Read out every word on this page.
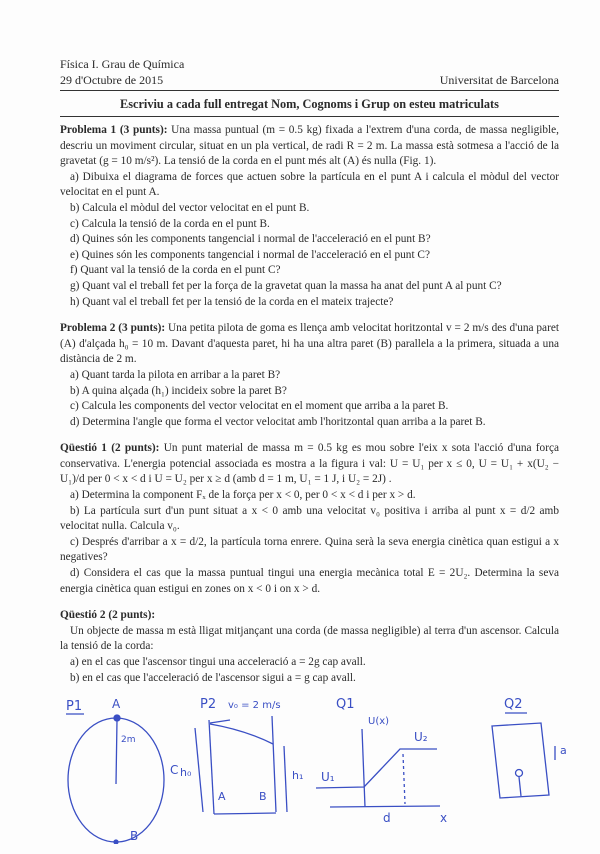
Física I. Grau de Química
29 d'Octubre de 2015	Universitat de Barcelona
Escriviu a cada full entregat Nom, Cognoms i Grup on esteu matriculats

Problema 1 (3 punts): Una massa puntual (m = 0.5 kg) fixada a l'extrem d'una corda, de massa negligible, descriu un moviment circular, situat en un pla vertical, de radi R = 2 m. La massa està sotmesa a l'acció de la gravetat (g = 10 m/s²). La tensió de la corda en el punt més alt (A) és nulla (Fig. 1).

a) Dibuixa el diagrama de forces que actuen sobre la partícula en el punt A i calcula el mòdul del vector velocitat en el punt A.

b) Calcula el mòdul del vector velocitat en el punt B.

c) Calcula la tensió de la corda en el punt B.

d) Quines són les components tangencial i normal de l'acceleració en el punt B?

e) Quines són les components tangencial i normal de l'acceleració en el punt C?

f) Quant val la tensió de la corda en el punt C?

g) Quant val el treball fet per la força de la gravetat quan la massa ha anat del punt A al punt C?

h) Quant val el treball fet per la tensió de la corda en el mateix trajecte?

Problema 2 (3 punts): Una petita pilota de goma es llença amb velocitat horitzontal v = 2 m/s des d'una paret (A) d'alçada h₀ = 10 m. Davant d'aquesta paret, hi ha una altra paret (B) parallela a la primera, situada a una distància de 2 m.

a) Quant tarda la pilota en arribar a la paret B?

b) A quina alçada (h₁) incideix sobre la paret B?

c) Calcula les components del vector velocitat en el moment que arriba a la paret B.

d) Determina l'angle que forma el vector velocitat amb l'horitzontal quan arriba a la paret B.

Qüestió 1 (2 punts): Un punt material de massa m = 0.5 kg es mou sobre l'eix x sota l'acció d'una força conservativa. L'energia potencial associada es mostra a la figura i val: U = U₁ per x ≤ 0, U = U₁ + x(U₂ − U₁)/d per 0 < x < d i U = U₂ per x ≥ d (amb d = 1 m, U₁ = 1 J, i U₂ = 2J) .

a) Determina la component Fₓ de la força per x < 0, per 0 < x < d i per x > d.

b) La partícula surt d'un punt situat a x < 0 amb una velocitat v₀ positiva i arriba al punt x = d/2 amb velocitat nulla. Calcula v₀.

c) Després d'arribar a x = d/2, la partícula torna enrere. Quina serà la seva energia cinètica quan estigui a x negatives?

d) Considera el cas que la massa puntual tingui una energia mecànica total E = 2U₂. Determina la seva energia cinètica quan estigui en zones on x < 0 i on x > d.

Qüestió 2 (2 punts):

Un objecte de massa m està lligat mitjançant una corda (de massa negligible) al terra d'un ascensor. Calcula la tensió de la corda:

a) en el cas que l'ascensor tingui una acceleració a = 2g cap avall.

b) en el cas que l'acceleració de l'ascensor sigui a = g cap avall.

P1 A
2m
C
B
P2 v₀ = 2 m/s
h₀	h₁
A	B
Q1
U(x)
U₁
U₂
d	x
Q2
a
